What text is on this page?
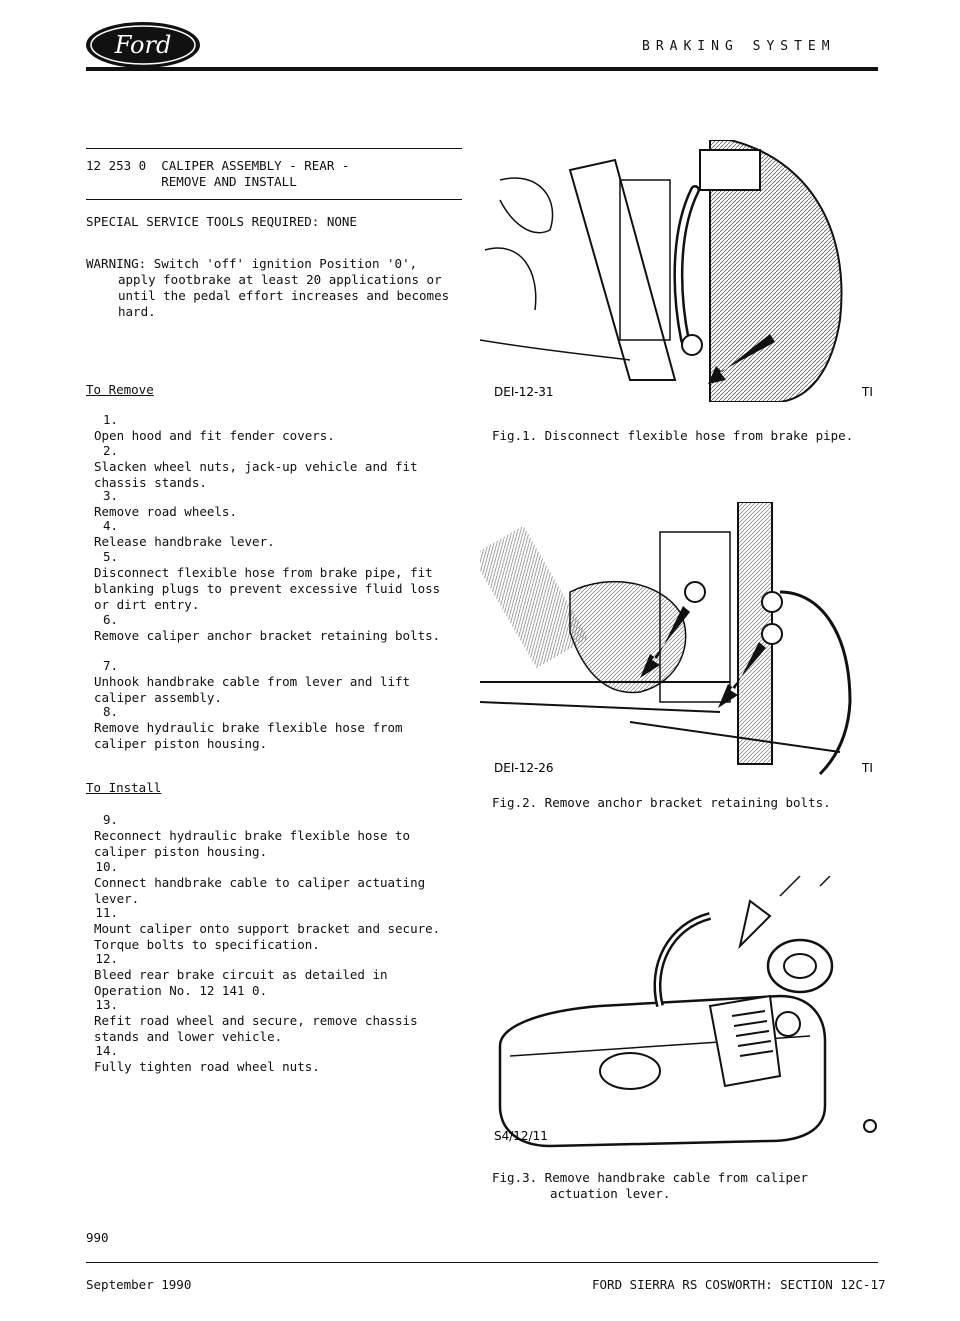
Ford	BRAKING SYSTEM
12 253 0  CALIPER ASSEMBLY - REAR -
REMOVE AND INSTALL
SPECIAL SERVICE TOOLS REQUIRED: NONE
WARNING: Switch 'off' ignition Position '0',
apply footbrake at least 20 applications or
until the pedal effort increases and becomes
hard.
To Remove
1.Open hood and fit fender covers.
2.Slacken wheel nuts, jack-up vehicle and fit chassis stands.
3.Remove road wheels.
4.Release handbrake lever.
5.Disconnect flexible hose from brake pipe, fit blanking plugs to prevent excessive fluid loss or dirt entry.
6.Remove caliper anchor bracket retaining bolts.
7.Unhook handbrake cable from lever and lift caliper assembly.
8.Remove hydraulic brake flexible hose from caliper piston housing.
To Install
9.Reconnect hydraulic brake flexible hose to caliper piston housing.
10.Connect handbrake cable to caliper actuating lever.
11.Mount caliper onto support bracket and secure. Torque bolts to specification.
12.Bleed rear brake circuit as detailed in Operation No. 12 141 0.
13.Refit road wheel and secure, remove chassis stands and lower vehicle.
14.Fully tighten road wheel nuts.
DEI-12-31	TI
Fig.1. Disconnect flexible hose from brake pipe.
DEI-12-26	TI
Fig.2. Remove anchor bracket retaining bolts.
S4/12/11
Fig.3. Remove handbrake cable from caliper
actuation lever.
990
September 1990	FORD SIERRA RS COSWORTH: SECTION 12C-17
